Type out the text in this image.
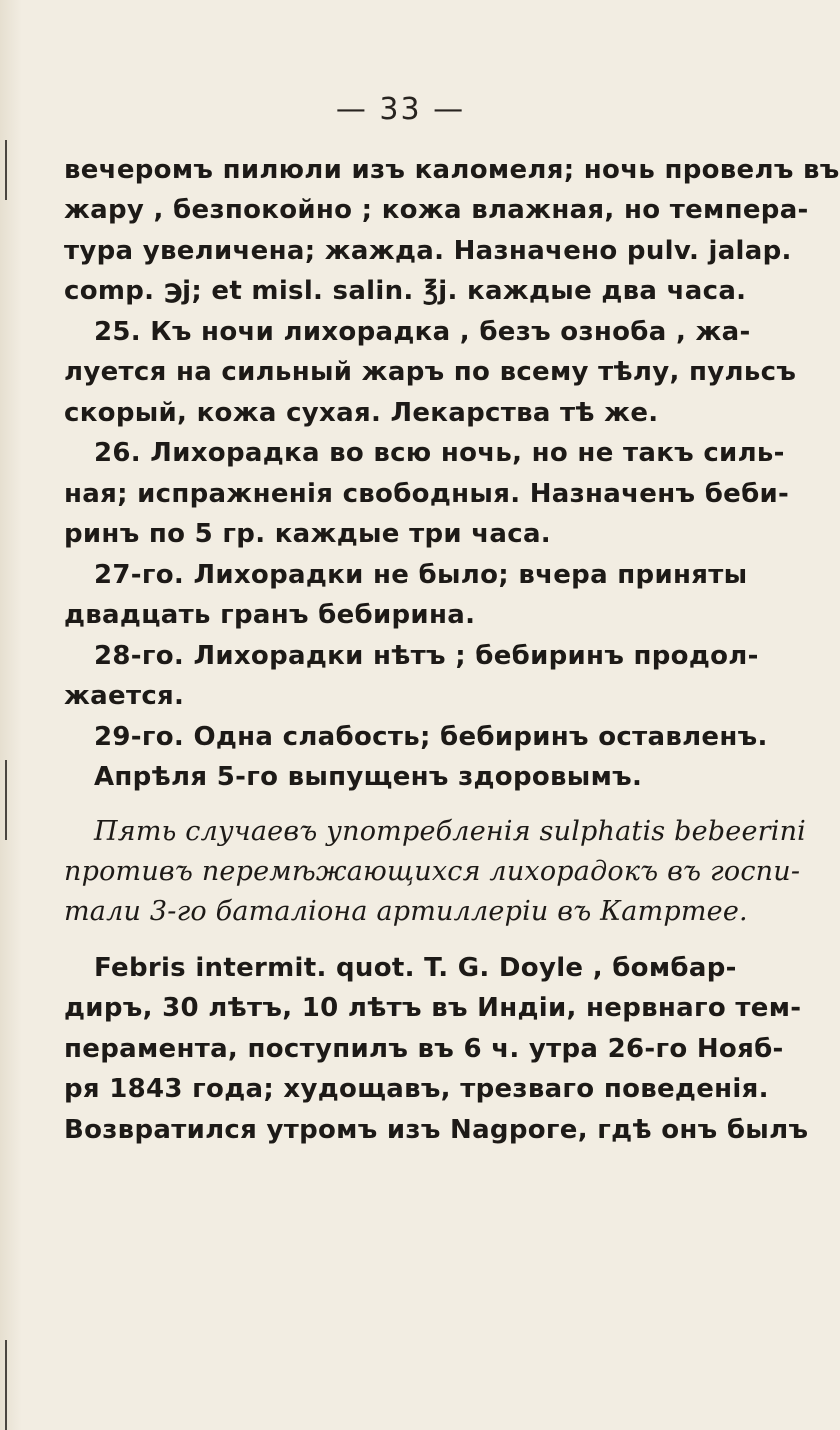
— 33 —
вечеромъ пилюли изъ каломеля; ночь провелъ въ
жару , безпокойно ; кожа влажная, но темпера-
тура увеличена; жажда. Назначено pulv. jalap.
comp. ℈j; et misl. salin. ℥j. каждые два часа.
25. Къ ночи лихорадка , безъ озноба , жа-
луется на сильный жаръ по всему тѣлу, пульсъ
скорый, кожа сухая. Лекарства тѣ же.
26. Лихорадка во всю ночь, но не такъ силь-
ная; испражненія свободныя. Назначенъ беби-
ринъ по 5 гр. каждые три часа.
27-го. Лихорадки не было; вчера приняты
двадцать гранъ бебирина.
28-го. Лихорадки нѣтъ ; бебиринъ продол-
жается.
29-го. Одна слабость; бебиринъ оставленъ.
Апрѣля 5-го выпущенъ здоровымъ.
Пять случаевъ употребленія sulphatis bebeerini
противъ перемѣжающихся лихорадокъ въ госпи-
тали 3-го баталіона артиллеріи въ Катртее.
Febris intermit. quot. T. G. Doyle , бомбар-
диръ, 30 лѣтъ, 10 лѣтъ въ Индіи, нервнаго тем-
перамента, поступилъ въ 6 ч. утра 26-го Нояб-
ря 1843 года; худощавъ, трезваго поведенія.
Возвратился утромъ изъ Nagроге, гдѣ онъ былъ
